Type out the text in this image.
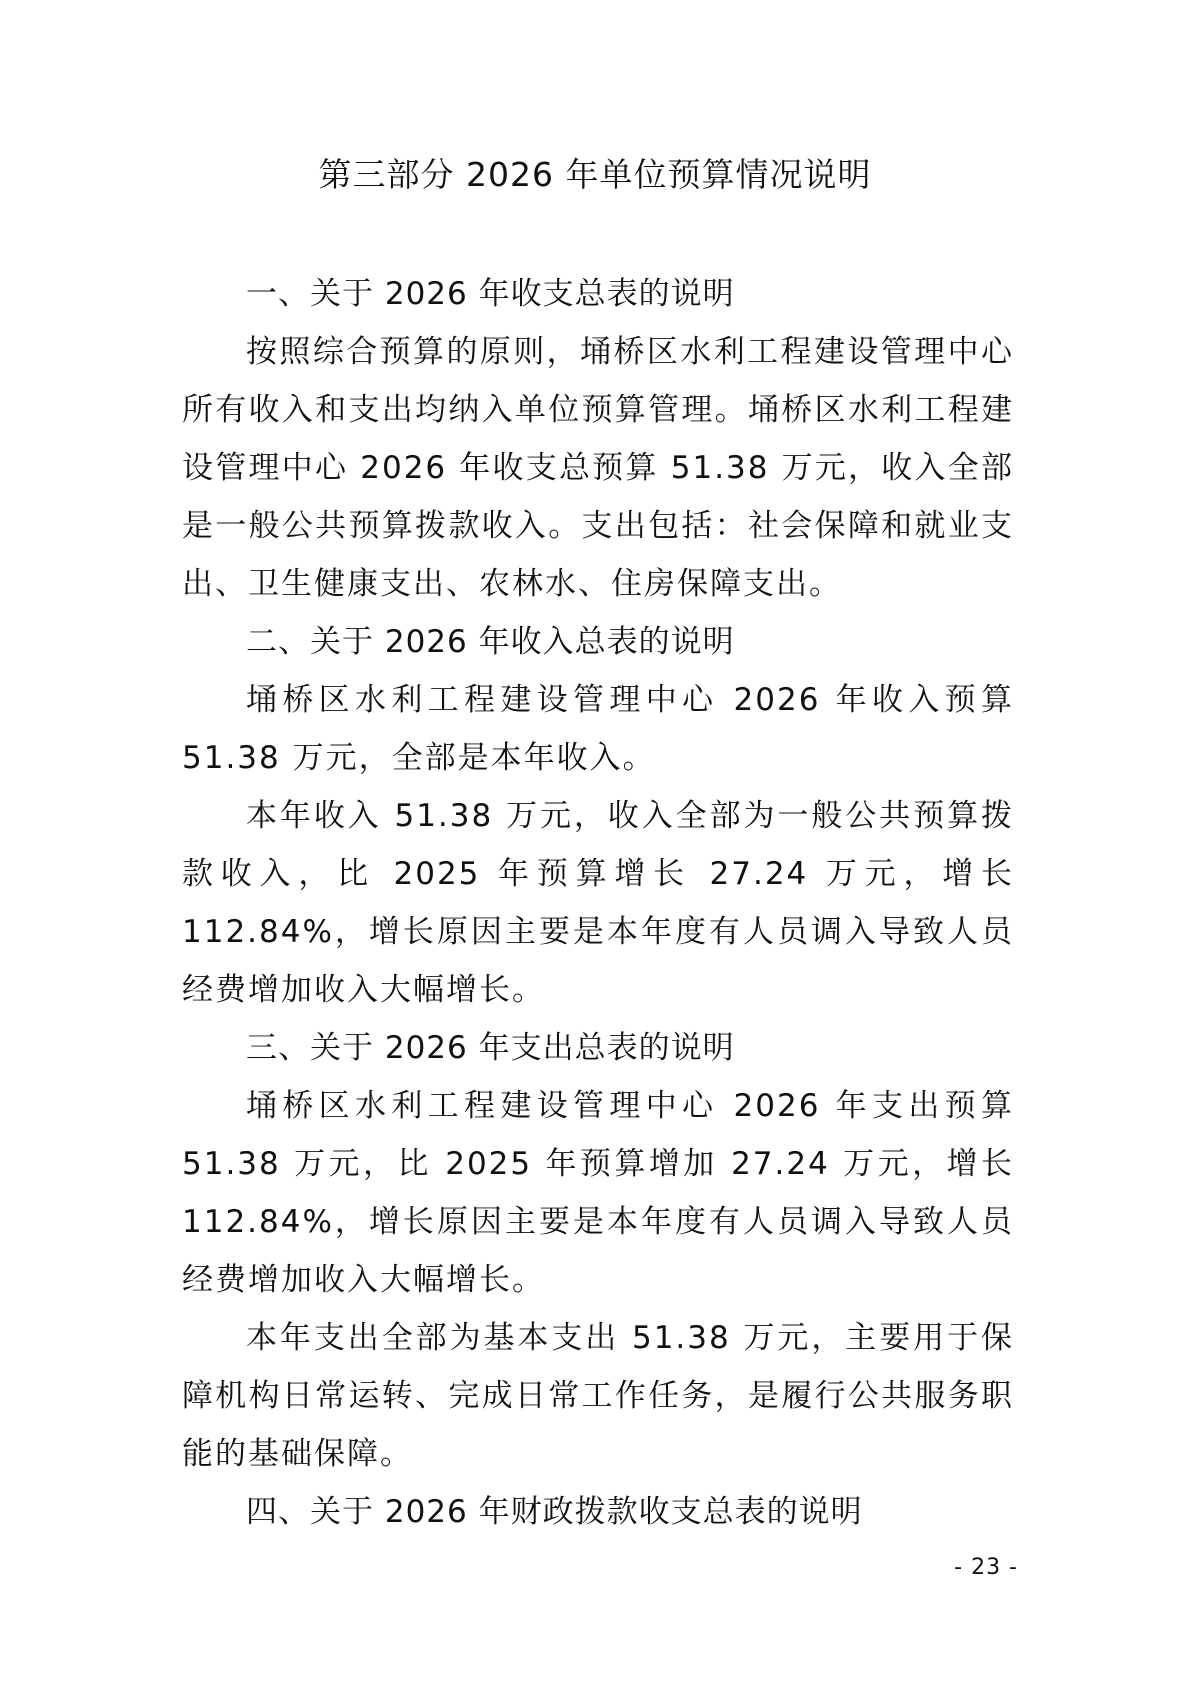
第三部分 2026 年单位预算情况说明
一、关于 2026 年收支总表的说明

按照综合预算的原则，埇桥区水利工程建设管理中心所有收入和支出均纳入单位预算管理。埇桥区水利工程建设管理中心 2026 年收支总预算 51.38 万元，收入全部是一般公共预算拨款收入。支出包括：社会保障和就业支出、卫生健康支出、农林水、住房保障支出。

二、关于 2026 年收入总表的说明

埇桥区水利工程建设管理中心 2026 年收入预算 51.38 万元，全部是本年收入。

本年收入 51.38 万元，收入全部为一般公共预算拨款收入，比 2025 年预算增长 27.24 万元，增长 112.84%，增长原因主要是本年度有人员调入导致人员经费增加收入大幅增长。

三、关于 2026 年支出总表的说明

埇桥区水利工程建设管理中心 2026 年支出预算 51.38 万元，比 2025 年预算增加 27.24 万元，增长 112.84%，增长原因主要是本年度有人员调入导致人员经费增加收入大幅增长。

本年支出全部为基本支出 51.38 万元，主要用于保障机构日常运转、完成日常工作任务，是履行公共服务职能的基础保障。

四、关于 2026 年财政拨款收支总表的说明
- 23 -
